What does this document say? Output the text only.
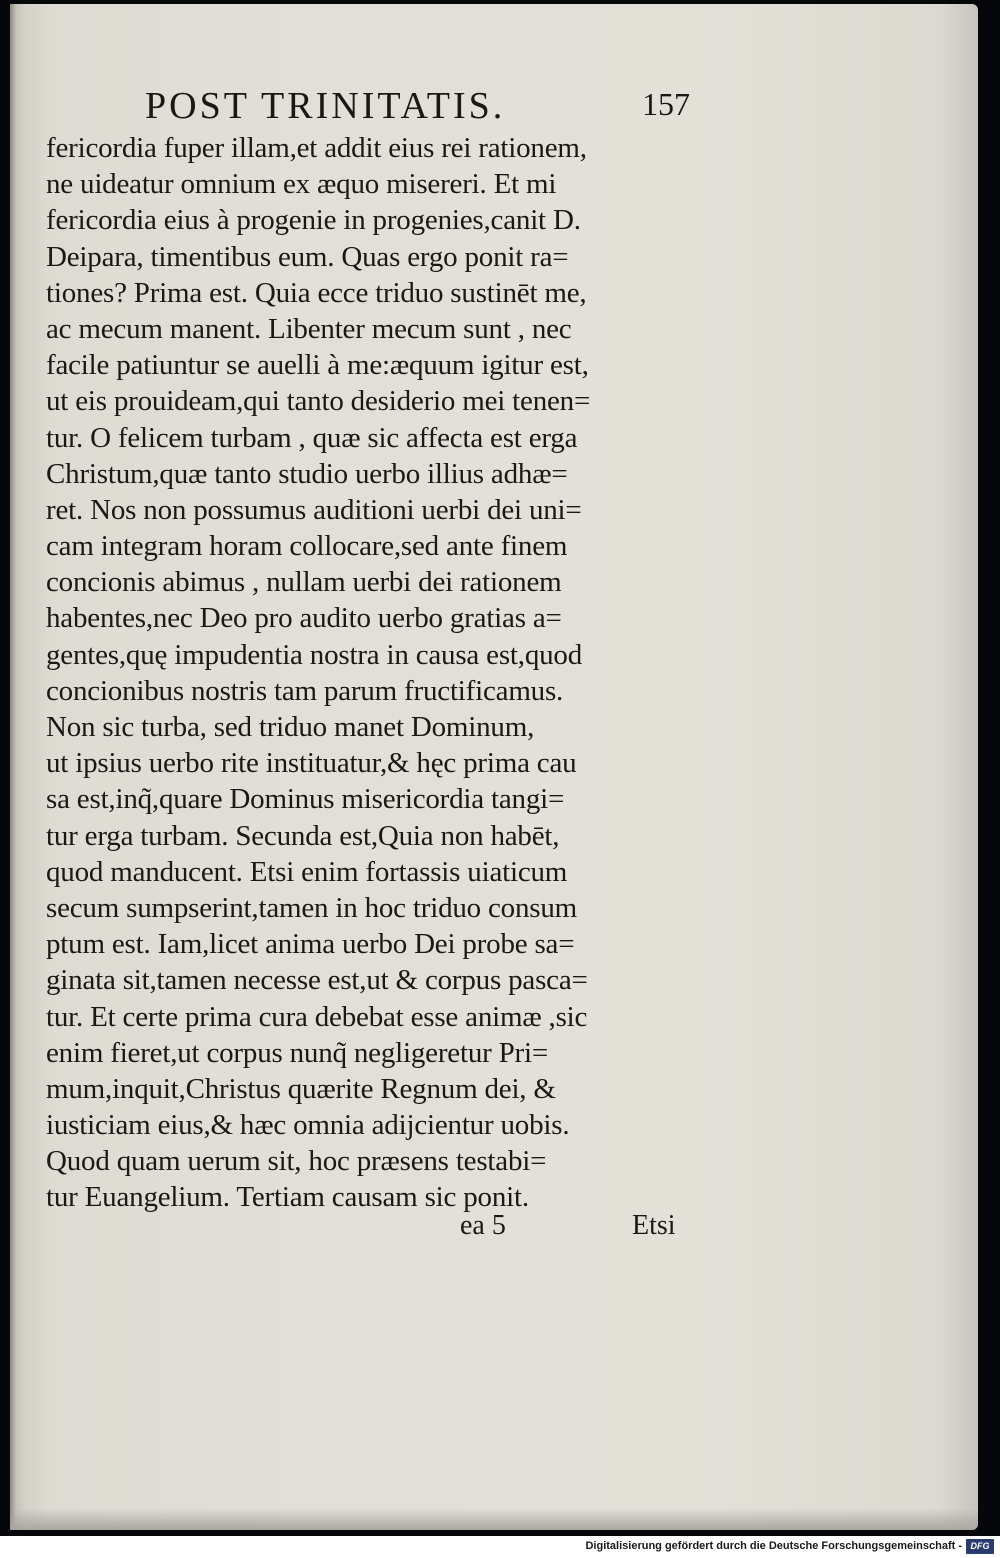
POST TRINITATIS.	157
fericordia fuper illam,et addit eius rei rationem,
ne uideatur omnium ex æquo misereri. Et mi
fericordia eius à progenie in progenies,canit D.
Deipara, timentibus eum. Quas ergo ponit ra=
tiones? Prima est. Quia ecce triduo sustinēt me,
ac mecum manent. Libenter mecum sunt , nec
facile patiuntur se auelli à me:æquum igitur est,
ut eis prouideam,qui tanto desiderio mei tenen=
tur. O felicem turbam , quæ sic affecta est erga
Christum,quæ tanto studio uerbo illius adhæ=
ret. Nos non possumus auditioni uerbi dei uni=
cam integram horam collocare,sed ante finem
concionis abimus , nullam uerbi dei rationem
habentes,nec Deo pro audito uerbo gratias a=
gentes,quę impudentia nostra in causa est,quod
concionibus nostris tam parum fructificamus.
Non sic turba, sed triduo manet Dominum,
ut ipsius uerbo rite instituatur,& hęc prima cau
sa est,inq̃,quare Dominus misericordia tangi=
tur erga turbam. Secunda est,Quia non habēt,
quod manducent. Etsi enim fortassis uiaticum
secum sumpserint,tamen in hoc triduo consum
ptum est. Iam,licet anima uerbo Dei probe sa=
ginata sit,tamen necesse est,ut & corpus pasca=
tur. Et certe prima cura debebat esse animæ ,sic
enim fieret,ut corpus nunq̃ negligeretur Pri=
mum,inquit,Christus quærite Regnum dei, &
iusticiam eius,& hæc omnia adijcientur uobis.
Quod quam uerum sit, hoc præsens testabi=
tur Euangelium. Tertiam causam sic ponit.
ea 5	Etsi
Digitalisierung gefördert durch die Deutsche Forschungsgemeinschaft - DFG
